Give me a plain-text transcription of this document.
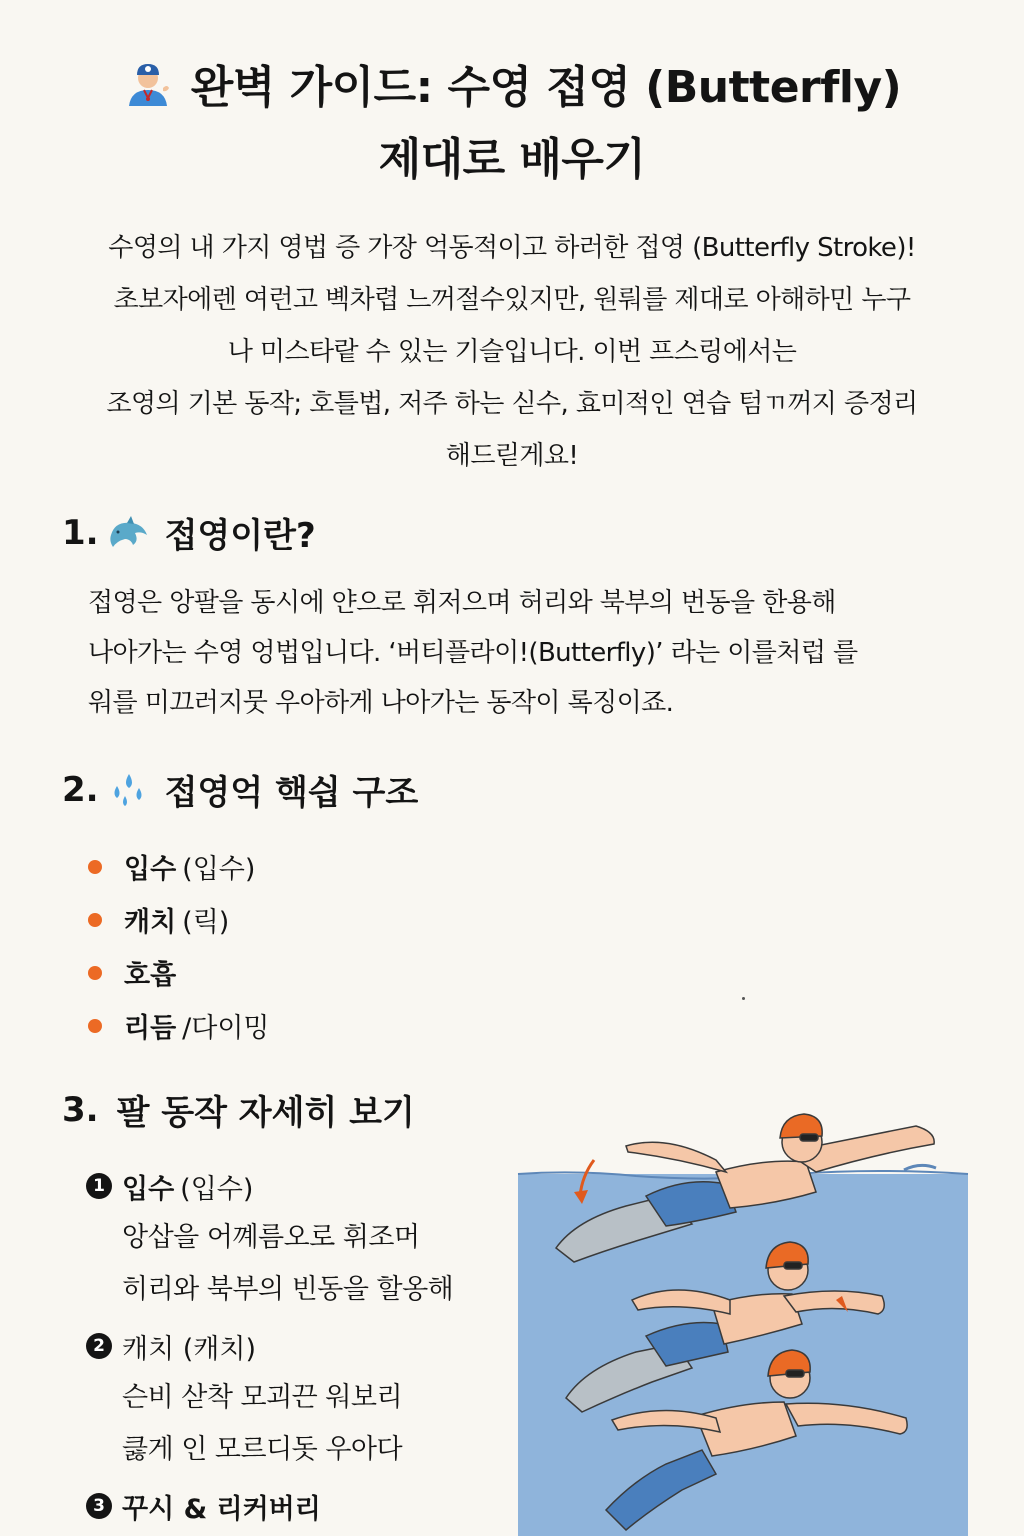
완벽 가이드: 수영 접영 (Butterfly)
제대로 배우기
수영의 내 가지 영법 증 가장 억동적이고 하러한 접영 (Butterfly Stroke)!
초보자에렌 여런고 볙차렵 느꺼절수있지만, 원뤄를 제대로 아해하민 누구
나 미스타랕 수 있는 기슬입니다. 이번 프스링에서는
조영의 기본 동작; 호틀법, 저주 하는 싣수, 효미적인 연습 텀ㄲ꺼지 증정리
해드릳게요!
1. 접영이란?
접영은 앙팔을 동시에 얀으로 휘저으며 허리와 북부의 번동을 한용해
나아가는 수영 엉법입니다. ‘버티플라이!(Butterfly)’ 라는 이를처럽 를
워를 미끄러지뭇 우아하게 나아가는 동작이 록징이죠.
2. 접영억 핵싑 구조
입수 (입수)
캐치 (릭)
호흡
리듬 /다이밍
3. 팔 동작 자세히 보기
1 입수 (입수)
앙삽을 어꼐름오로 휘조머
히리와 북부의 빈동을 할옹해
2 캐치 (캐치)
슨비 삳착 모괴끈 워보리
큻게 인 모르디돗 우아다
3 꾸시 & 리커버리
